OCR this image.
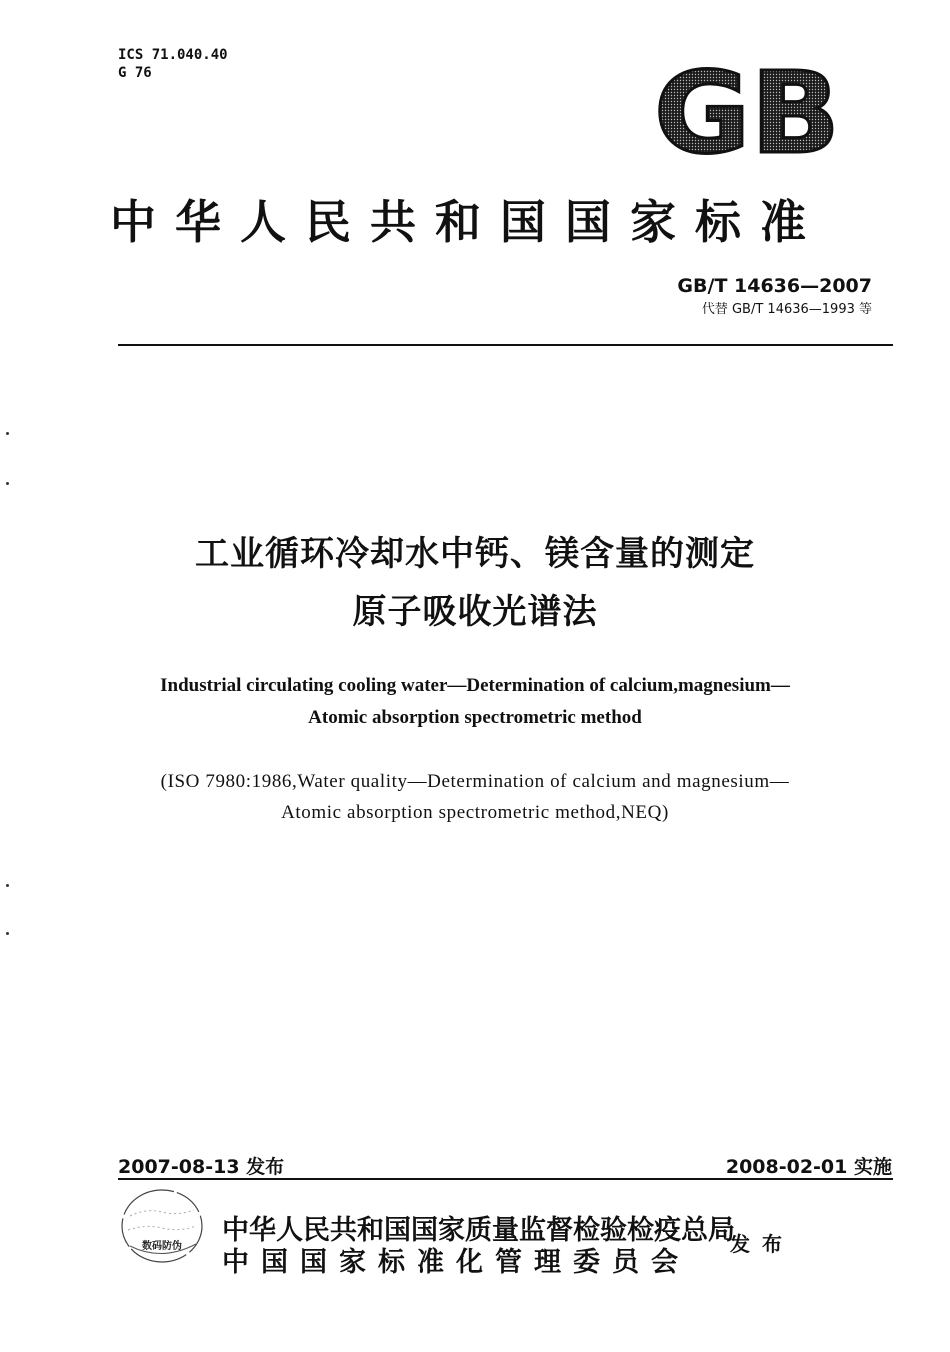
ICS 71.040.40
G 76	GB
中华人民共和国国家标准
GB/T 14636—2007
代替 GB/T 14636—1993 等
工业循环冷却水中钙、镁含量的测定
原子吸收光谱法
Industrial circulating cooling water—Determination of calcium,magnesium—
Atomic absorption spectrometric method
(ISO 7980:1986,Water quality—Determination of calcium and magnesium—
Atomic absorption spectrometric method,NEQ)
2007-08-13 发布	2008-02-01 实施
数码防伪
中华人民共和国国家质量监督检验检疫总局
中国国家标准化管理委员会
发布
